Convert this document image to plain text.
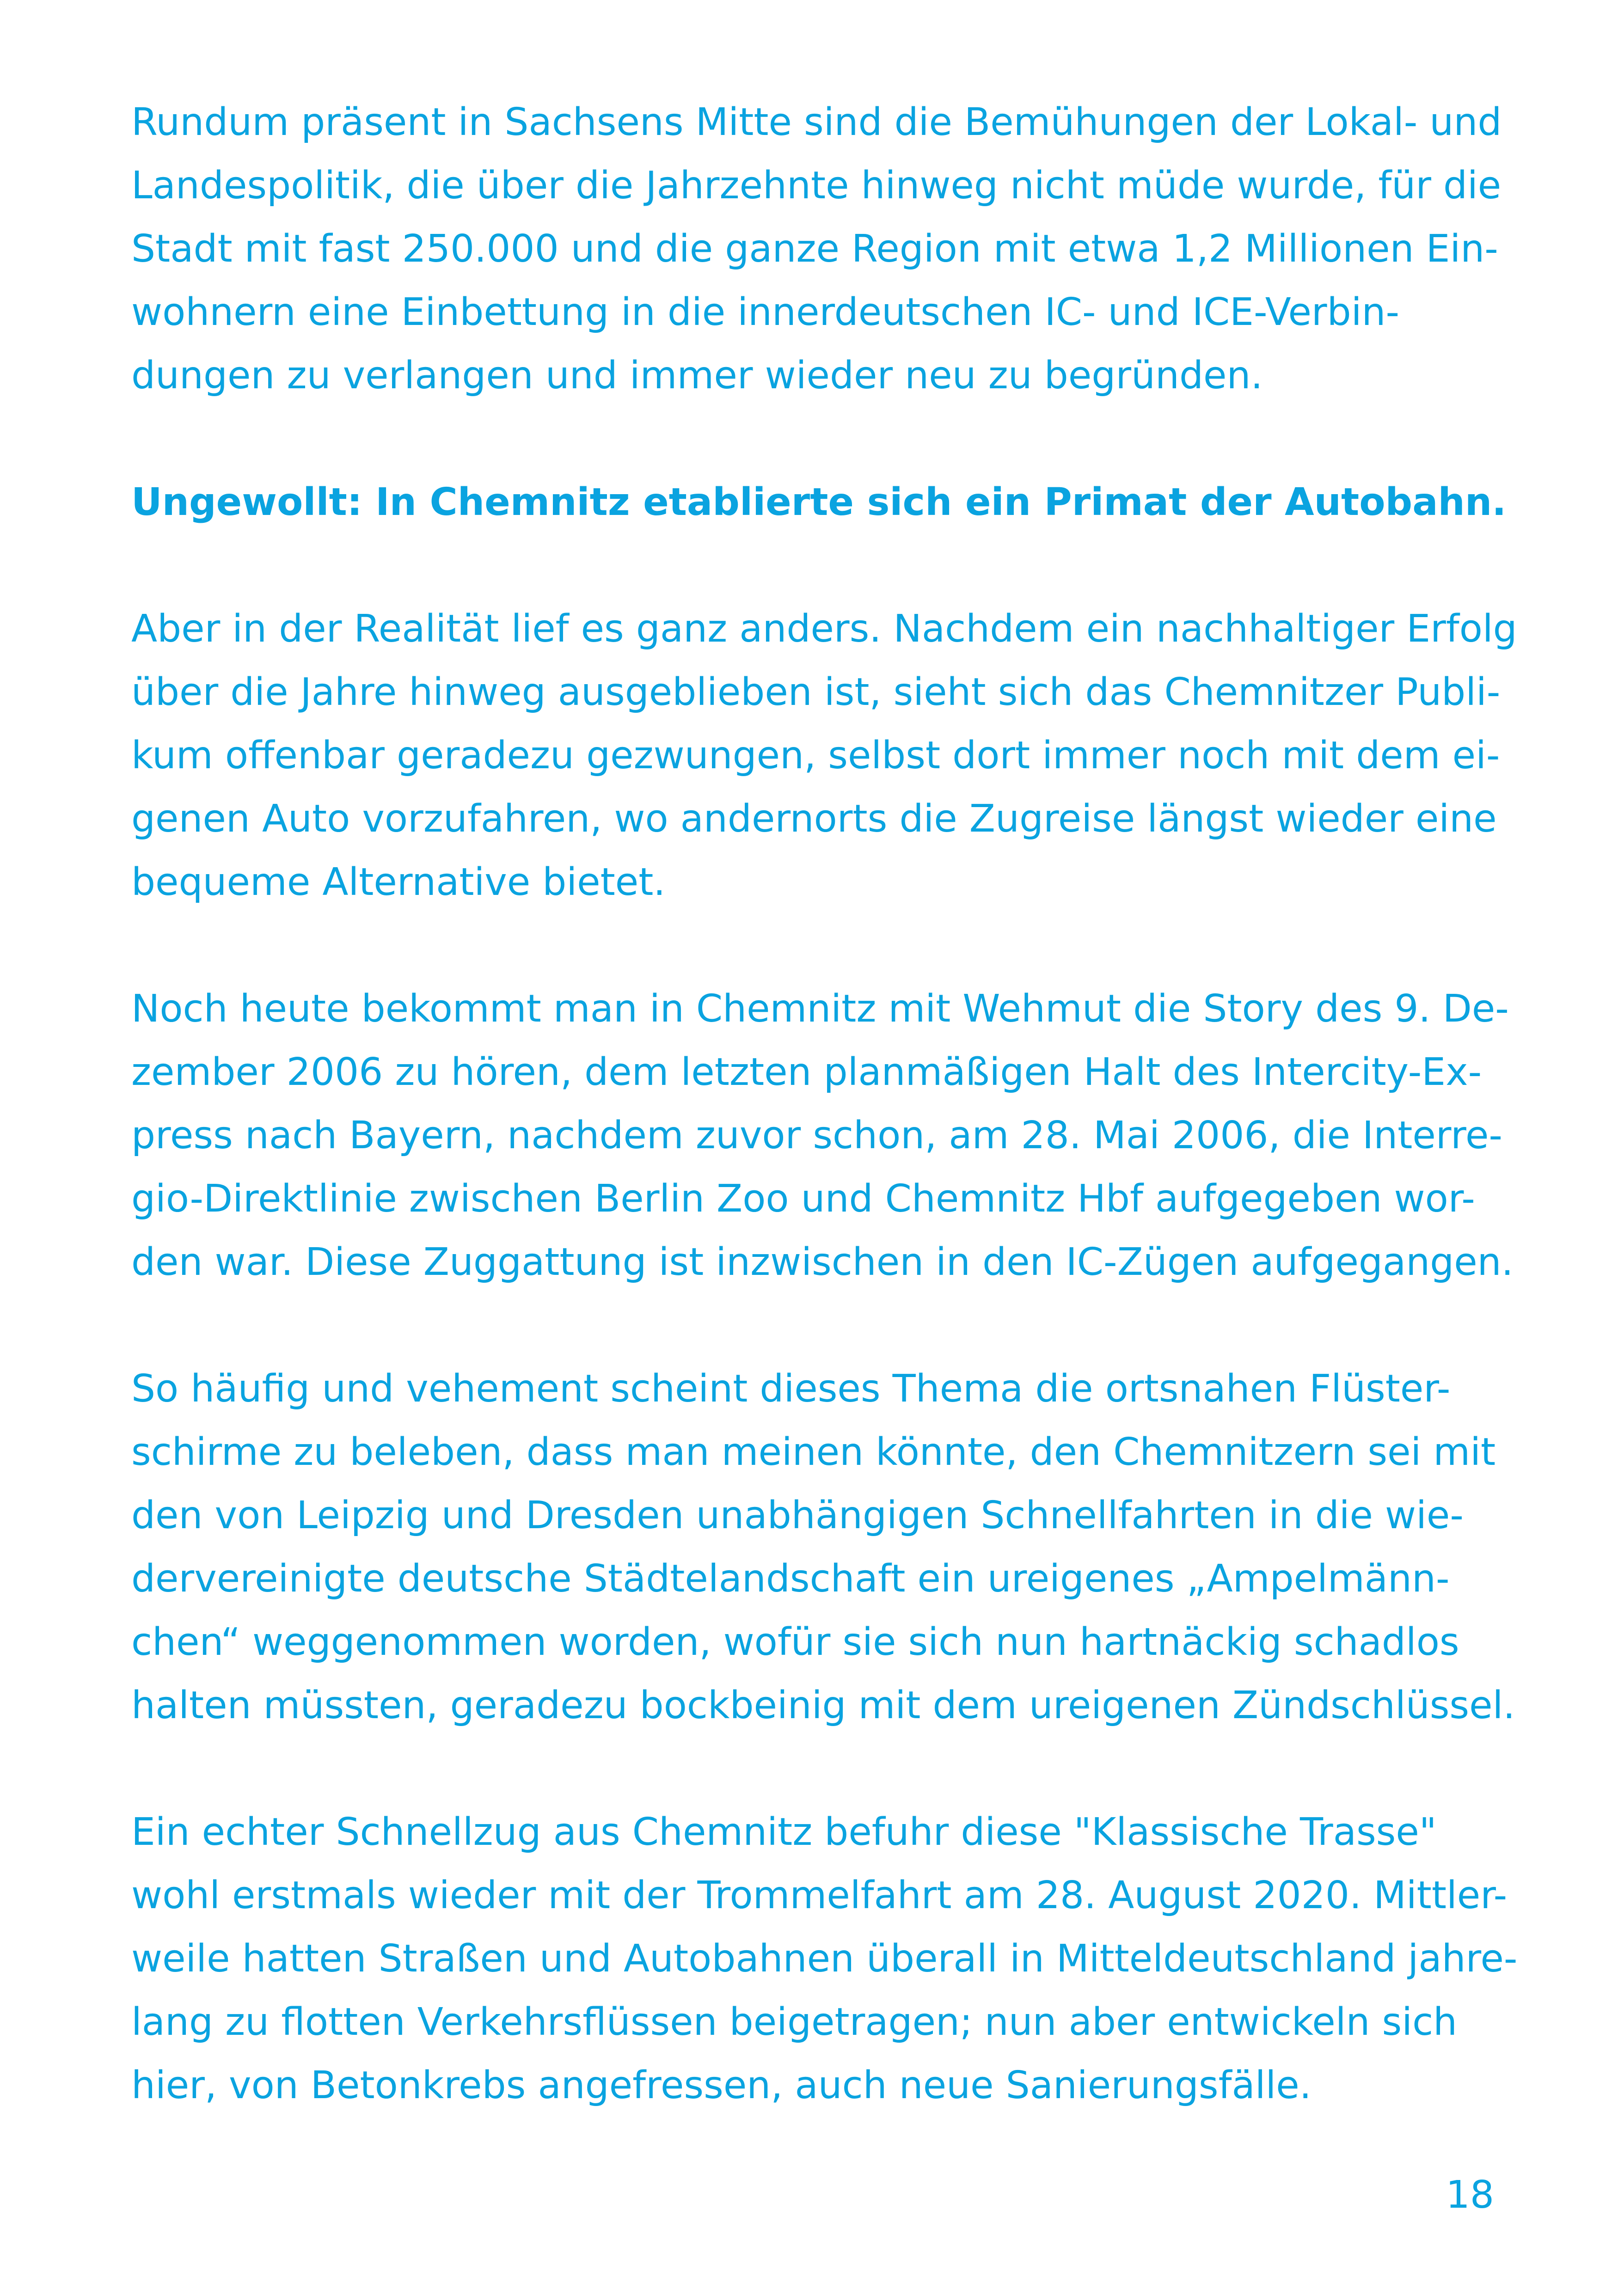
Rundum präsent in Sachsens Mitte sind die Bemühungen der Lokal- und
Landespolitik, die über die Jahrzehnte hinweg nicht müde wurde, für die
Stadt mit fast 250.000 und die ganze Region mit etwa 1,2 Millionen Ein-
wohnern eine Einbettung in die innerdeutschen IC- und ICE-Verbin-
dungen zu verlangen und immer wieder neu zu begründen.
Ungewollt: In Chemnitz etablierte sich ein Primat der Autobahn.
Aber in der Realität lief es ganz anders. Nachdem ein nachhaltiger Erfolg
über die Jahre hinweg ausgeblieben ist, sieht sich das Chemnitzer Publi-
kum offenbar geradezu gezwungen, selbst dort immer noch mit dem ei-
genen Auto vorzufahren, wo andernorts die Zugreise längst wieder eine
bequeme Alternative bietet.
Noch heute bekommt man in Chemnitz mit Wehmut die Story des 9. De-
zember 2006 zu hören, dem letzten planmäßigen Halt des Intercity-Ex-
press nach Bayern, nachdem zuvor schon, am 28. Mai 2006, die Interre-
gio-Direktlinie zwischen Berlin Zoo und Chemnitz Hbf aufgegeben wor-
den war. Diese Zuggattung ist inzwischen in den IC-Zügen aufgegangen.
So häufig und vehement scheint dieses Thema die ortsnahen Flüster-
schirme zu beleben, dass man meinen könnte, den Chemnitzern sei mit
den von Leipzig und Dresden unabhängigen Schnellfahrten in die wie-
dervereinigte deutsche Städtelandschaft ein ureigenes „Ampelmänn-
chen“ weggenommen worden, wofür sie sich nun hartnäckig schadlos
halten müssten, geradezu bockbeinig mit dem ureigenen Zündschlüssel.
Ein echter Schnellzug aus Chemnitz befuhr diese "Klassische Trasse"
wohl erstmals wieder mit der Trommelfahrt am 28. August 2020. Mittler-
weile hatten Straßen und Autobahnen überall in Mitteldeutschland jahre-
lang zu flotten Verkehrsflüssen beigetragen; nun aber entwickeln sich
hier, von Betonkrebs angefressen, auch neue Sanierungsfälle.
18
